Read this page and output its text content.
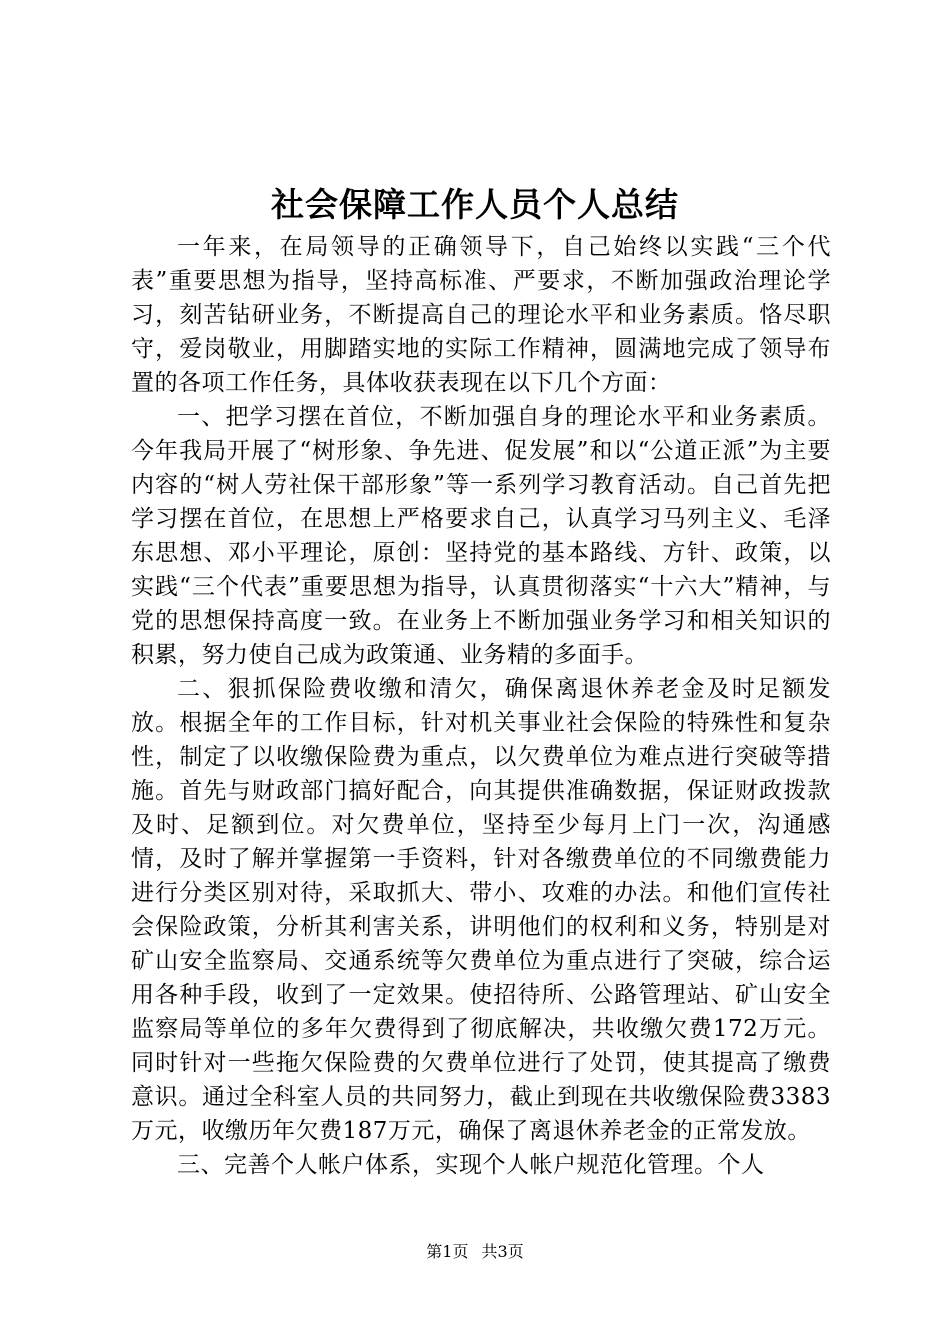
社会保障工作人员个人总结

一年来，在局领导的正确领导下，自己始终以实践“三个代表”重要思想为指导，坚持高标准、严要求，不断加强政治理论学习，刻苦钻研业务，不断提高自己的理论水平和业务素质。恪尽职守，爱岗敬业，用脚踏实地的实际工作精神，圆满地完成了领导布置的各项工作任务，具体收获表现在以下几个方面：

一、把学习摆在首位，不断加强自身的理论水平和业务素质。今年我局开展了“树形象、争先进、促发展”和以“公道正派”为主要内容的“树人劳社保干部形象”等一系列学习教育活动。自己首先把学习摆在首位，在思想上严格要求自己，认真学习马列主义、毛泽东思想、邓小平理论，原创：坚持党的基本路线、方针、政策，以实践“三个代表”重要思想为指导，认真贯彻落实“十六大”精神，与党的思想保持高度一致。在业务上不断加强业务学习和相关知识的积累，努力使自己成为政策通、业务精的多面手。

二、狠抓保险费收缴和清欠，确保离退休养老金及时足额发放。根据全年的工作目标，针对机关事业社会保险的特殊性和复杂性，制定了以收缴保险费为重点，以欠费单位为难点进行突破等措施。首先与财政部门搞好配合，向其提供准确数据，保证财政拨款及时、足额到位。对欠费单位，坚持至少每月上门一次，沟通感情，及时了解并掌握第一手资料，针对各缴费单位的不同缴费能力进行分类区别对待，采取抓大、带小、攻难的办法。和他们宣传社会保险政策，分析其利害关系，讲明他们的权利和义务，特别是对矿山安全监察局、交通系统等欠费单位为重点进行了突破，综合运用各种手段，收到了一定效果。使招待所、公路管理站、矿山安全监察局等单位的多年欠费得到了彻底解决，共收缴欠费172万元。同时针对一些拖欠保险费的欠费单位进行了处罚，使其提高了缴费意识。通过全科室人员的共同努力，截止到现在共收缴保险费3383万元，收缴历年欠费187万元，确保了离退休养老金的正常发放。

三、完善个人帐户体系，实现个人帐户规范化管理。个人

第1页 共3页
